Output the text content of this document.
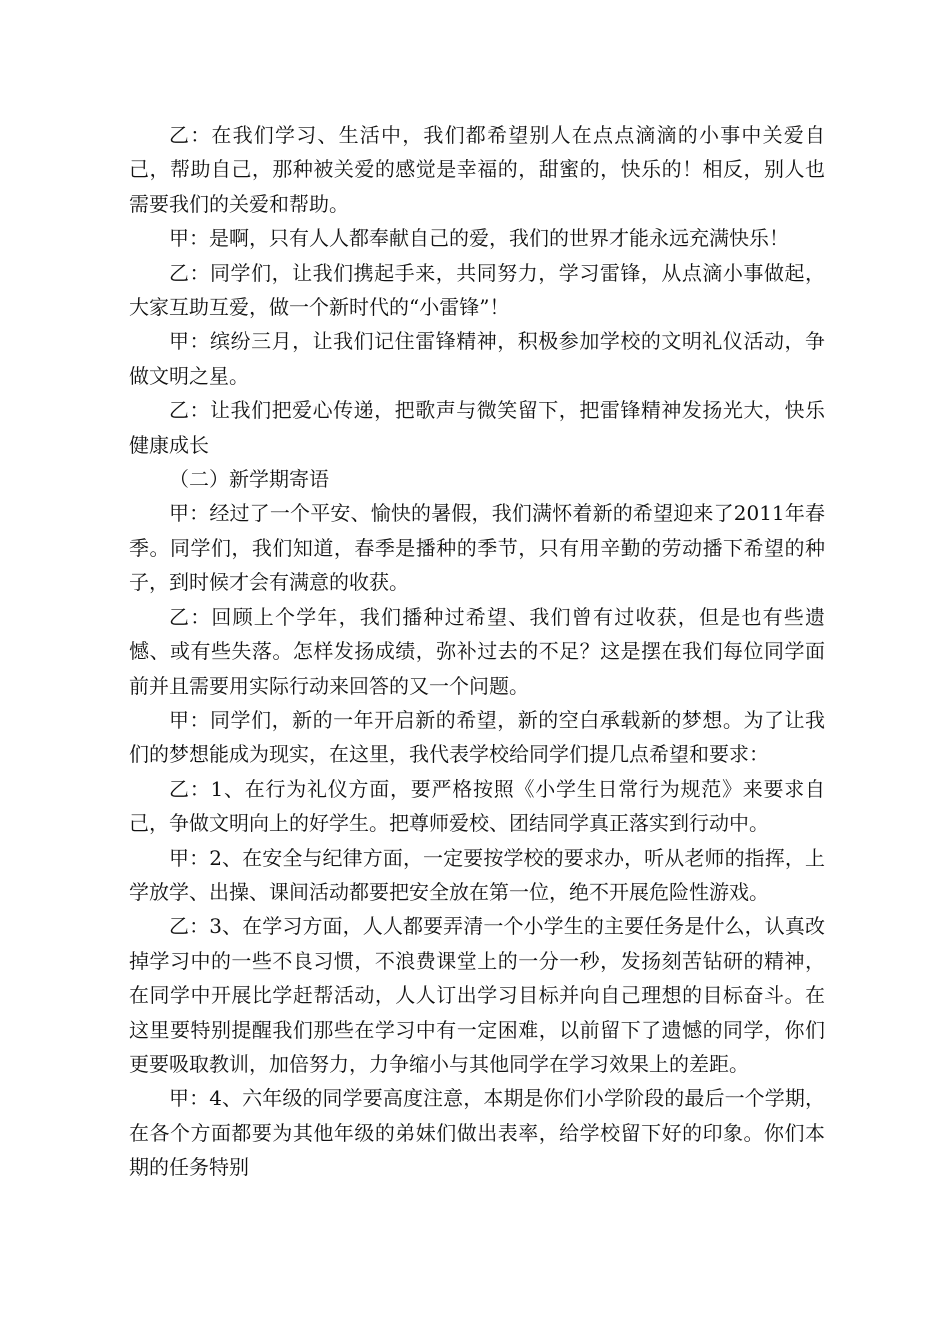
乙：在我们学习、生活中，我们都希望别人在点点滴滴的小事中关爱自己，帮助自己，那种被关爱的感觉是幸福的，甜蜜的，快乐的！相反，别人也需要我们的关爱和帮助。

甲：是啊，只有人人都奉献自己的爱，我们的世界才能永远充满快乐！

乙：同学们，让我们携起手来，共同努力，学习雷锋，从点滴小事做起，大家互助互爱，做一个新时代的“小雷锋”！

甲：缤纷三月，让我们记住雷锋精神，积极参加学校的文明礼仪活动，争做文明之星。

乙：让我们把爱心传递，把歌声与微笑留下，把雷锋精神发扬光大，快乐健康成长

（二）新学期寄语

甲：经过了一个平安、愉快的暑假，我们满怀着新的希望迎来了2011年春季。同学们，我们知道，春季是播种的季节，只有用辛勤的劳动播下希望的种子，到时候才会有满意的收获。

乙：回顾上个学年，我们播种过希望、我们曾有过收获，但是也有些遗憾、或有些失落。怎样发扬成绩，弥补过去的不足？这是摆在我们每位同学面前并且需要用实际行动来回答的又一个问题。

甲：同学们，新的一年开启新的希望，新的空白承载新的梦想。为了让我们的梦想能成为现实，在这里，我代表学校给同学们提几点希望和要求：

乙：1、在行为礼仪方面，要严格按照《小学生日常行为规范》来要求自己，争做文明向上的好学生。把尊师爱校、团结同学真正落实到行动中。

甲：2、在安全与纪律方面，一定要按学校的要求办，听从老师的指挥，上学放学、出操、课间活动都要把安全放在第一位，绝不开展危险性游戏。

乙：3、在学习方面，人人都要弄清一个小学生的主要任务是什么，认真改掉学习中的一些不良习惯，不浪费课堂上的一分一秒，发扬刻苦钻研的精神，在同学中开展比学赶帮活动，人人订出学习目标并向自己理想的目标奋斗。在这里要特别提醒我们那些在学习中有一定困难，以前留下了遗憾的同学，你们更要吸取教训，加倍努力，力争缩小与其他同学在学习效果上的差距。

甲：4、六年级的同学要高度注意，本期是你们小学阶段的最后一个学期，在各个方面都要为其他年级的弟妹们做出表率，给学校留下好的印象。你们本期的任务特别
